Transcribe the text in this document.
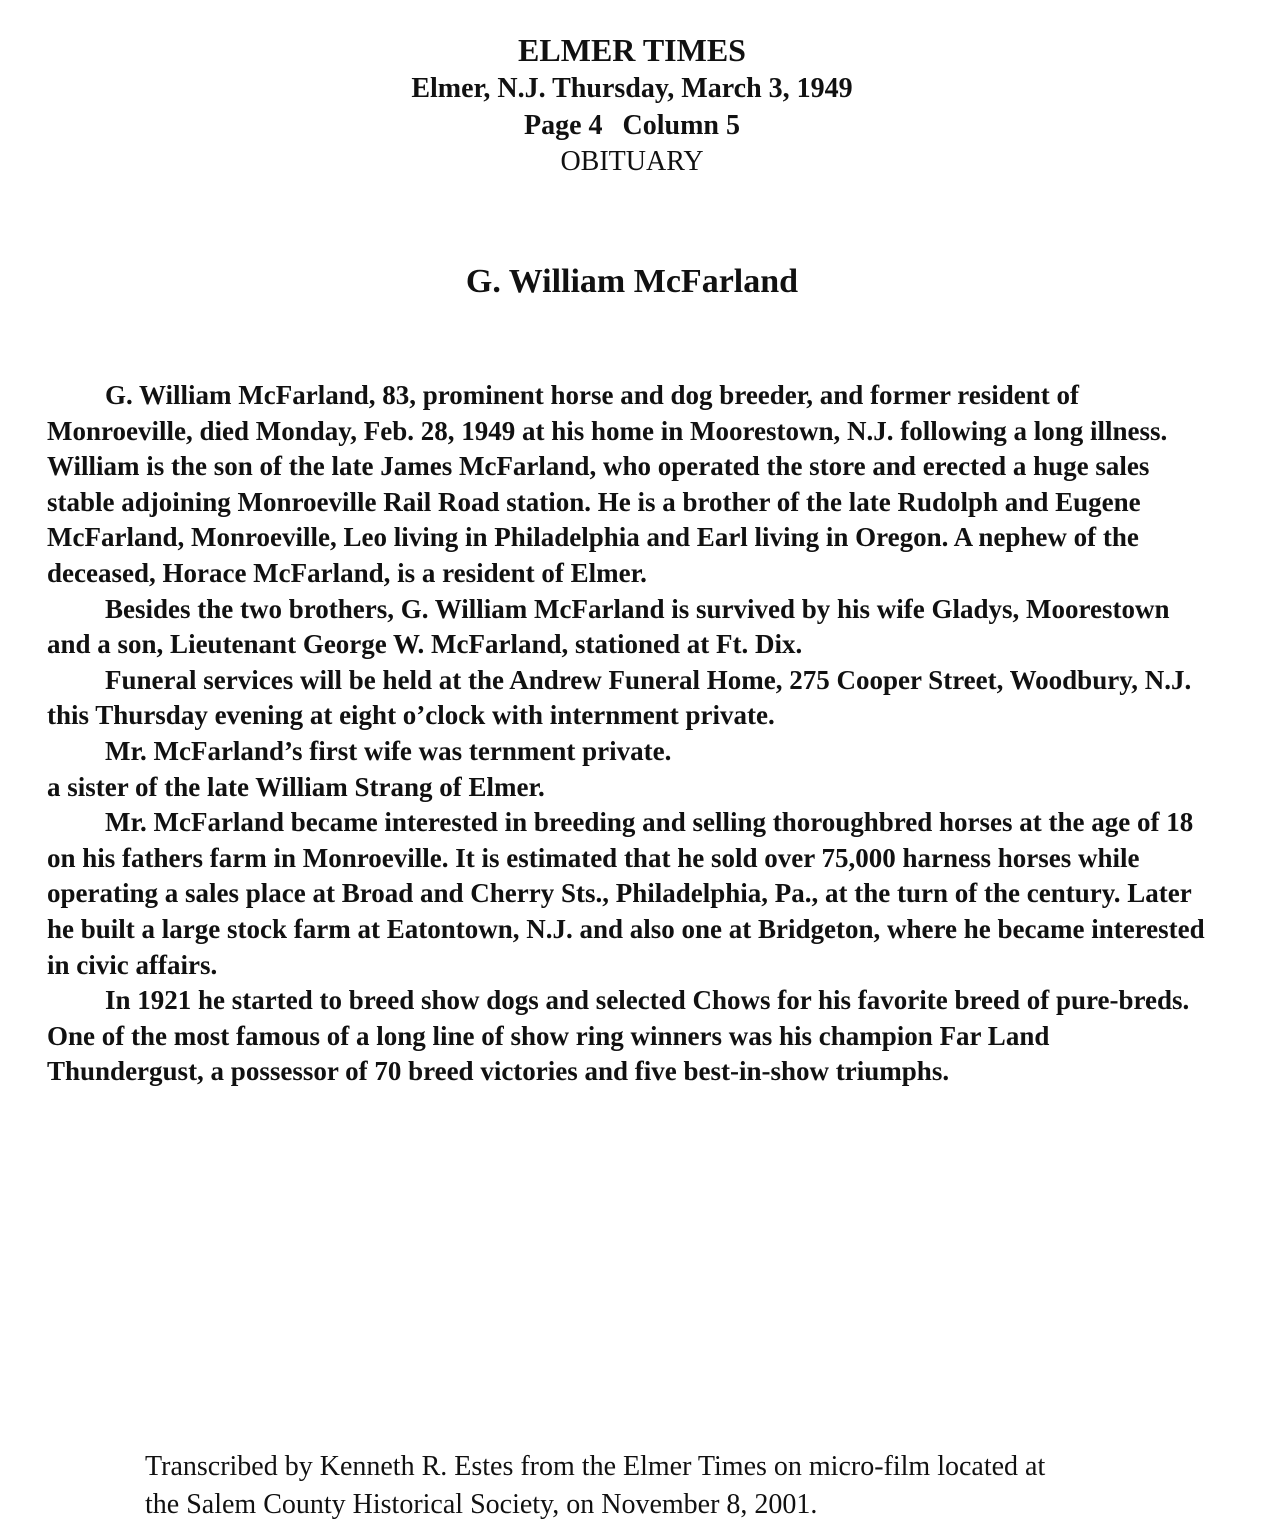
ELMER TIMES
Elmer, N.J. Thursday, March 3, 1949
Page 4 Column 5
OBITUARY
G. William McFarland

G. William McFarland, 83, prominent horse and dog breeder, and former resident of Monroeville, died Monday, Feb. 28, 1949 at his home in Moorestown, N.J. following a long illness. William is the son of the late James McFarland, who operated the store and erected a huge sales stable adjoining Monroeville Rail Road station. He is a brother of the late Rudolph and Eugene McFarland, Monroeville, Leo living in Philadelphia and Earl living in Oregon. A nephew of the deceased, Horace McFarland, is a resident of Elmer.

Besides the two brothers, G. William McFarland is survived by his wife Gladys, Moorestown and a son, Lieutenant George W. McFarland, stationed at Ft. Dix.

Funeral services will be held at the Andrew Funeral Home, 275 Cooper Street, Woodbury, N.J. this Thursday evening at eight o’clock with internment private.

Mr. McFarland’s first wife was ternment private.

a sister of the late William Strang of Elmer.

Mr. McFarland became interested in breeding and selling thoroughbred horses at the age of 18 on his fathers farm in Monroeville. It is estimated that he sold over 75,000 harness horses while operating a sales place at Broad and Cherry Sts., Philadelphia, Pa., at the turn of the century. Later he built a large stock farm at Eatontown, N.J. and also one at Bridgeton, where he became interested in civic affairs.

In 1921 he started to breed show dogs and selected Chows for his favorite breed of pure-breds. One of the most famous of a long line of show ring winners was his champion Far Land Thundergust, a possessor of 70 breed victories and five best-in-show triumphs.

Transcribed by Kenneth R. Estes from the Elmer Times on micro-film located at
the Salem County Historical Society, on November 8, 2001.
